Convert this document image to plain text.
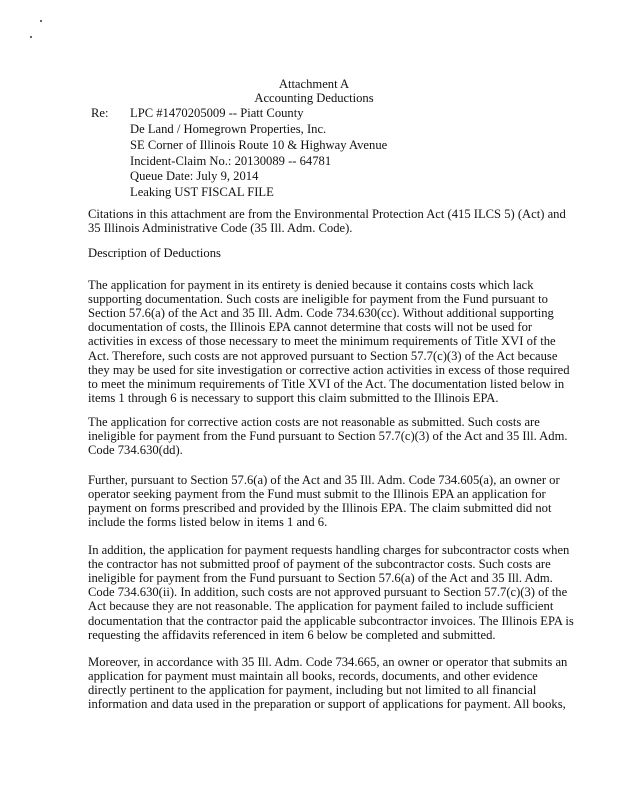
Attachment A
Accounting Deductions
Re: LPC #1470205009 -- Piatt County
De Land / Homegrown Properties, Inc.
SE Corner of Illinois Route 10 & Highway Avenue
Incident-Claim No.: 20130089 -- 64781
Queue Date: July 9, 2014
Leaking UST FISCAL FILE
Citations in this attachment are from the Environmental Protection Act (415 ILCS 5) (Act) and
35 Illinois Administrative Code (35 Ill. Adm. Code).
Description of Deductions
The application for payment in its entirety is denied because it contains costs which lack
supporting documentation. Such costs are ineligible for payment from the Fund pursuant to
Section 57.6(a) of the Act and 35 Ill. Adm. Code 734.630(cc). Without additional supporting
documentation of costs, the Illinois EPA cannot determine that costs will not be used for
activities in excess of those necessary to meet the minimum requirements of Title XVI of the
Act. Therefore, such costs are not approved pursuant to Section 57.7(c)(3) of the Act because
they may be used for site investigation or corrective action activities in excess of those required
to meet the minimum requirements of Title XVI of the Act. The documentation listed below in
items 1 through 6 is necessary to support this claim submitted to the Illinois EPA.
The application for corrective action costs are not reasonable as submitted. Such costs are
ineligible for payment from the Fund pursuant to Section 57.7(c)(3) of the Act and 35 Ill. Adm.
Code 734.630(dd).
Further, pursuant to Section 57.6(a) of the Act and 35 Ill. Adm. Code 734.605(a), an owner or
operator seeking payment from the Fund must submit to the Illinois EPA an application for
payment on forms prescribed and provided by the Illinois EPA. The claim submitted did not
include the forms listed below in items 1 and 6.
In addition, the application for payment requests handling charges for subcontractor costs when
the contractor has not submitted proof of payment of the subcontractor costs. Such costs are
ineligible for payment from the Fund pursuant to Section 57.6(a) of the Act and 35 Ill. Adm.
Code 734.630(ii). In addition, such costs are not approved pursuant to Section 57.7(c)(3) of the
Act because they are not reasonable. The application for payment failed to include sufficient
documentation that the contractor paid the applicable subcontractor invoices. The Illinois EPA is
requesting the affidavits referenced in item 6 below be completed and submitted.
Moreover, in accordance with 35 Ill. Adm. Code 734.665, an owner or operator that submits an
application for payment must maintain all books, records, documents, and other evidence
directly pertinent to the application for payment, including but not limited to all financial
information and data used in the preparation or support of applications for payment. All books,
